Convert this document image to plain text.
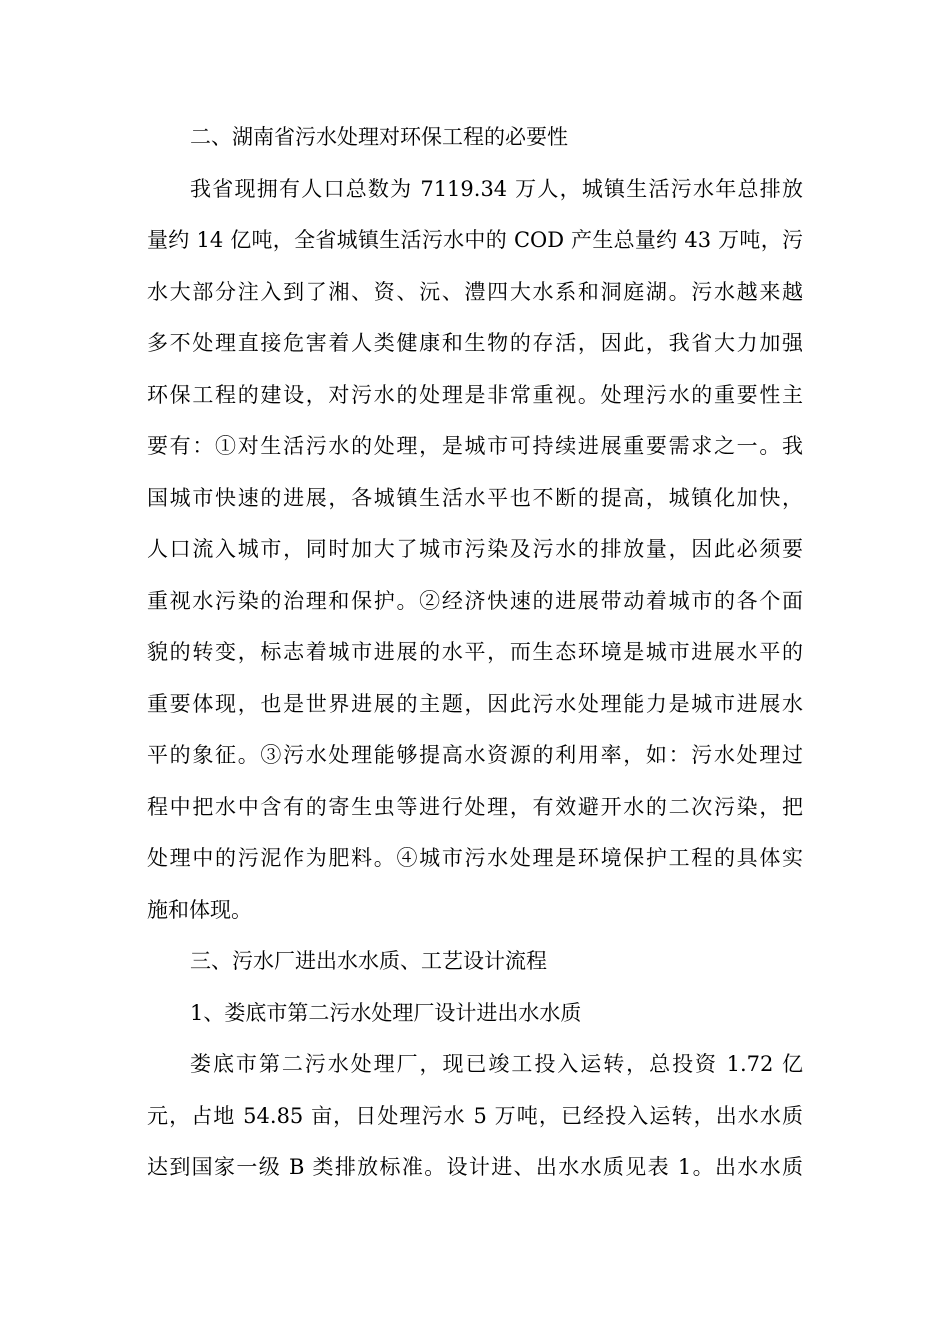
二、湖南省污水处理对环保工程的必要性
我省现拥有人口总数为 7119.34 万人，城镇生活污水年总排放
量约 14 亿吨，全省城镇生活污水中的 COD 产生总量约 43 万吨，污
水大部分注入到了湘、资、沅、澧四大水系和洞庭湖。污水越来越
多不处理直接危害着人类健康和生物的存活，因此，我省大力加强
环保工程的建设，对污水的处理是非常重视。处理污水的重要性主
要有：①对生活污水的处理，是城市可持续进展重要需求之一。我
国城市快速的进展，各城镇生活水平也不断的提高，城镇化加快，
人口流入城市，同时加大了城市污染及污水的排放量，因此必须要
重视水污染的治理和保护。②经济快速的进展带动着城市的各个面
貌的转变，标志着城市进展的水平，而生态环境是城市进展水平的
重要体现，也是世界进展的主题，因此污水处理能力是城市进展水
平的象征。③污水处理能够提高水资源的利用率，如：污水处理过
程中把水中含有的寄生虫等进行处理，有效避开水的二次污染，把
处理中的污泥作为肥料。④城市污水处理是环境保护工程的具体实
施和体现。
三、污水厂进出水水质、工艺设计流程
1、娄底市第二污水处理厂设计进出水水质
娄底市第二污水处理厂，现已竣工投入运转，总投资 1.72 亿
元，占地 54.85 亩，日处理污水 5 万吨，已经投入运转，出水水质
达到国家一级 B 类排放标准。设计进、出水水质见表 1。出水水质
